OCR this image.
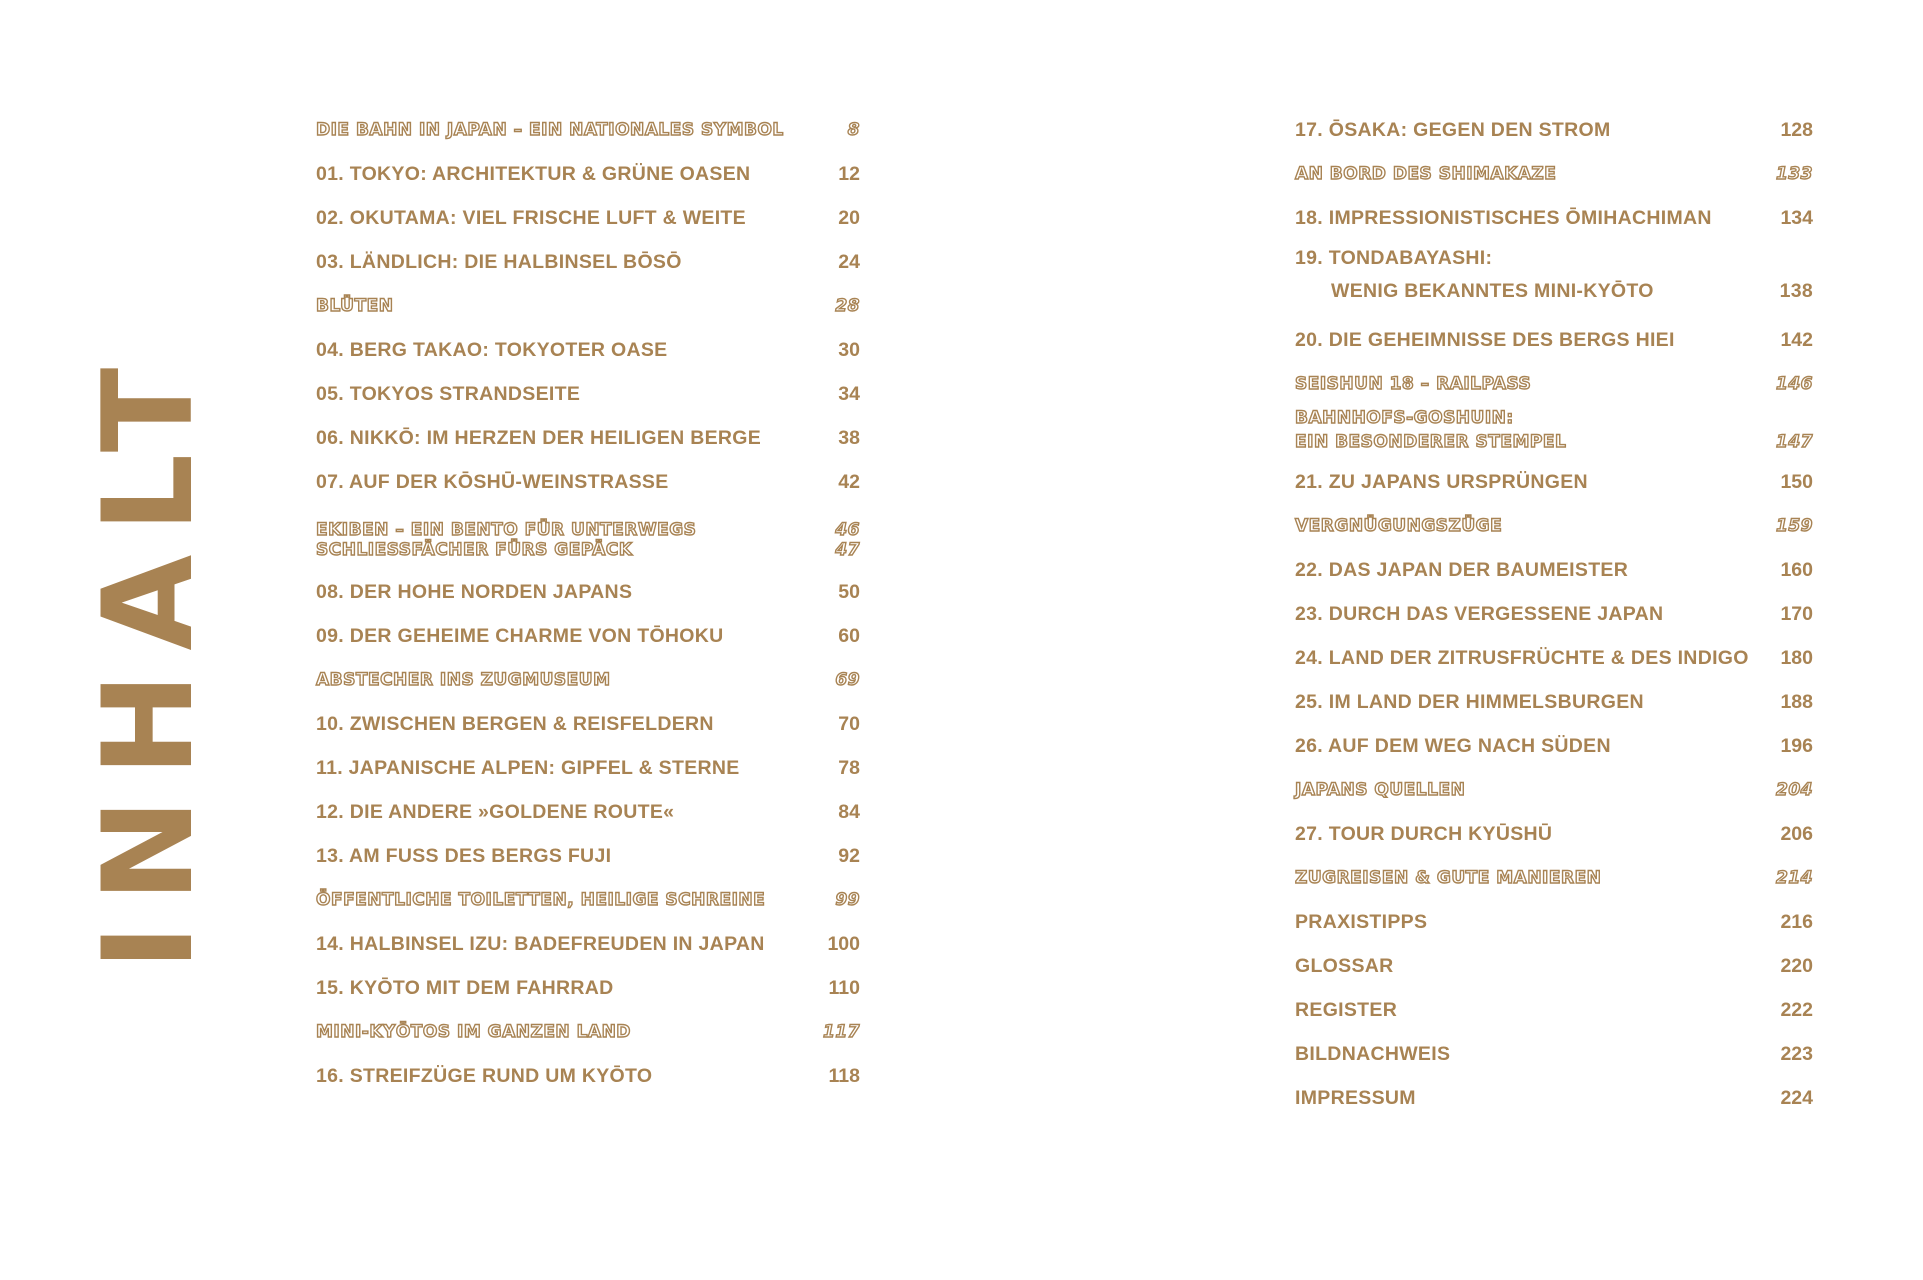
INHALT
DIE BAHN IN JAPAN – EIN NATIONALES SYMBOL	8
01. TOKYO: ARCHITEKTUR & GRÜNE OASEN	12
02. OKUTAMA: VIEL FRISCHE LUFT & WEITE	20
03. LÄNDLICH: DIE HALBINSEL BŌSŌ	24
BLÜTEN	28
04. BERG TAKAO: TOKYOTER OASE	30
05. TOKYOS STRANDSEITE	34
06. NIKKŌ: IM HERZEN DER HEILIGEN BERGE	38
07. AUF DER KŌSHŪ-WEINSTRASSE	42
EKIBEN – EIN BENTO FÜR UNTERWEGS	46
SCHLIESSFÄCHER FÜRS GEPÄCK	47
08. DER HOHE NORDEN JAPANS	50
09. DER GEHEIME CHARME VON TŌHOKU	60
ABSTECHER INS ZUGMUSEUM	69
10. ZWISCHEN BERGEN & REISFELDERN	70
11. JAPANISCHE ALPEN: GIPFEL & STERNE	78
12. DIE ANDERE »GOLDENE ROUTE«	84
13. AM FUSS DES BERGS FUJI	92
ÖFFENTLICHE TOILETTEN, HEILIGE SCHREINE	99
14. HALBINSEL IZU: BADEFREUDEN IN JAPAN	100
15. KYŌTO MIT DEM FAHRRAD	110
MINI-KYŌTOS IM GANZEN LAND	117
16. STREIFZÜGE RUND UM KYŌTO	118
17. ŌSAKA: GEGEN DEN STROM	128
AN BORD DES SHIMAKAZE	133
18. IMPRESSIONISTISCHES ŌMIHACHIMAN	134
19. TONDABAYASHI:
WENIG BEKANNTES MINI-KYŌTO	138
20. DIE GEHEIMNISSE DES BERGS HIEI	142
SEISHUN 18 – RAILPASS	146
BAHNHOFS-GOSHUIN:
EIN BESONDERER STEMPEL	147
21. ZU JAPANS URSPRÜNGEN	150
VERGNÜGUNGSZÜGE	159
22. DAS JAPAN DER BAUMEISTER	160
23. DURCH DAS VERGESSENE JAPAN	170
24. LAND DER ZITRUSFRÜCHTE & DES INDIGO 180
25. IM LAND DER HIMMELSBURGEN	188
26. AUF DEM WEG NACH SÜDEN	196
JAPANS QUELLEN	204
27. TOUR DURCH KYŪSHŪ	206
ZUGREISEN & GUTE MANIEREN	214
PRAXISTIPPS	216
GLOSSAR	220
REGISTER	222
BILDNACHWEIS	223
IMPRESSUM	224
